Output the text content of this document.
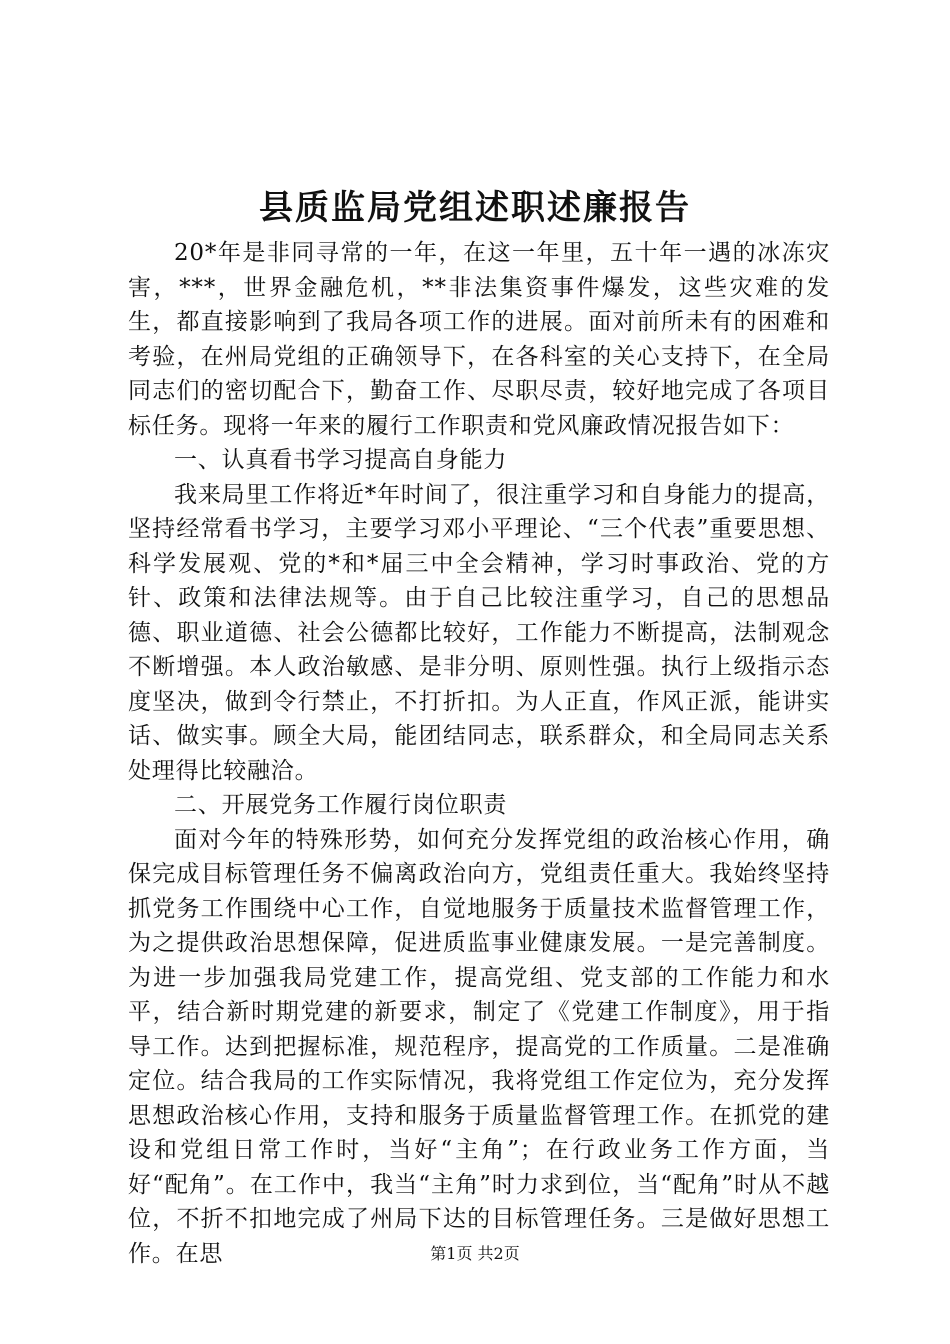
县质监局党组述职述廉报告

20*年是非同寻常的一年，在这一年里，五十年一遇的冰冻灾害，***，世界金融危机，**非法集资事件爆发，这些灾难的发生，都直接影响到了我局各项工作的进展。面对前所未有的困难和考验，在州局党组的正确领导下，在各科室的关心支持下，在全局同志们的密切配合下，勤奋工作、尽职尽责，较好地完成了各项目标任务。现将一年来的履行工作职责和党风廉政情况报告如下：

一、认真看书学习提高自身能力

我来局里工作将近*年时间了，很注重学习和自身能力的提高，坚持经常看书学习，主要学习邓小平理论、“三个代表”重要思想、科学发展观、党的*和*届三中全会精神，学习时事政治、党的方针、政策和法律法规等。由于自己比较注重学习，自己的思想品德、职业道德、社会公德都比较好，工作能力不断提高，法制观念不断增强。本人政治敏感、是非分明、原则性强。执行上级指示态度坚决，做到令行禁止，不打折扣。为人正直，作风正派，能讲实话、做实事。顾全大局，能团结同志，联系群众，和全局同志关系处理得比较融洽。

二、开展党务工作履行岗位职责

面对今年的特殊形势，如何充分发挥党组的政治核心作用，确保完成目标管理任务不偏离政治向方，党组责任重大。我始终坚持抓党务工作围绕中心工作，自觉地服务于质量技术监督管理工作，为之提供政治思想保障，促进质监事业健康发展。一是完善制度。为进一步加强我局党建工作，提高党组、党支部的工作能力和水平，结合新时期党建的新要求，制定了《党建工作制度》，用于指导工作。达到把握标准，规范程序，提高党的工作质量。二是准确定位。结合我局的工作实际情况，我将党组工作定位为，充分发挥思想政治核心作用，支持和服务于质量监督管理工作。在抓党的建设和党组日常工作时，当好“主角”；在行政业务工作方面，当好“配角”。在工作中，我当“主角”时力求到位，当“配角”时从不越位，不折不扣地完成了州局下达的目标管理任务。三是做好思想工作。在思	第1页 共2页
